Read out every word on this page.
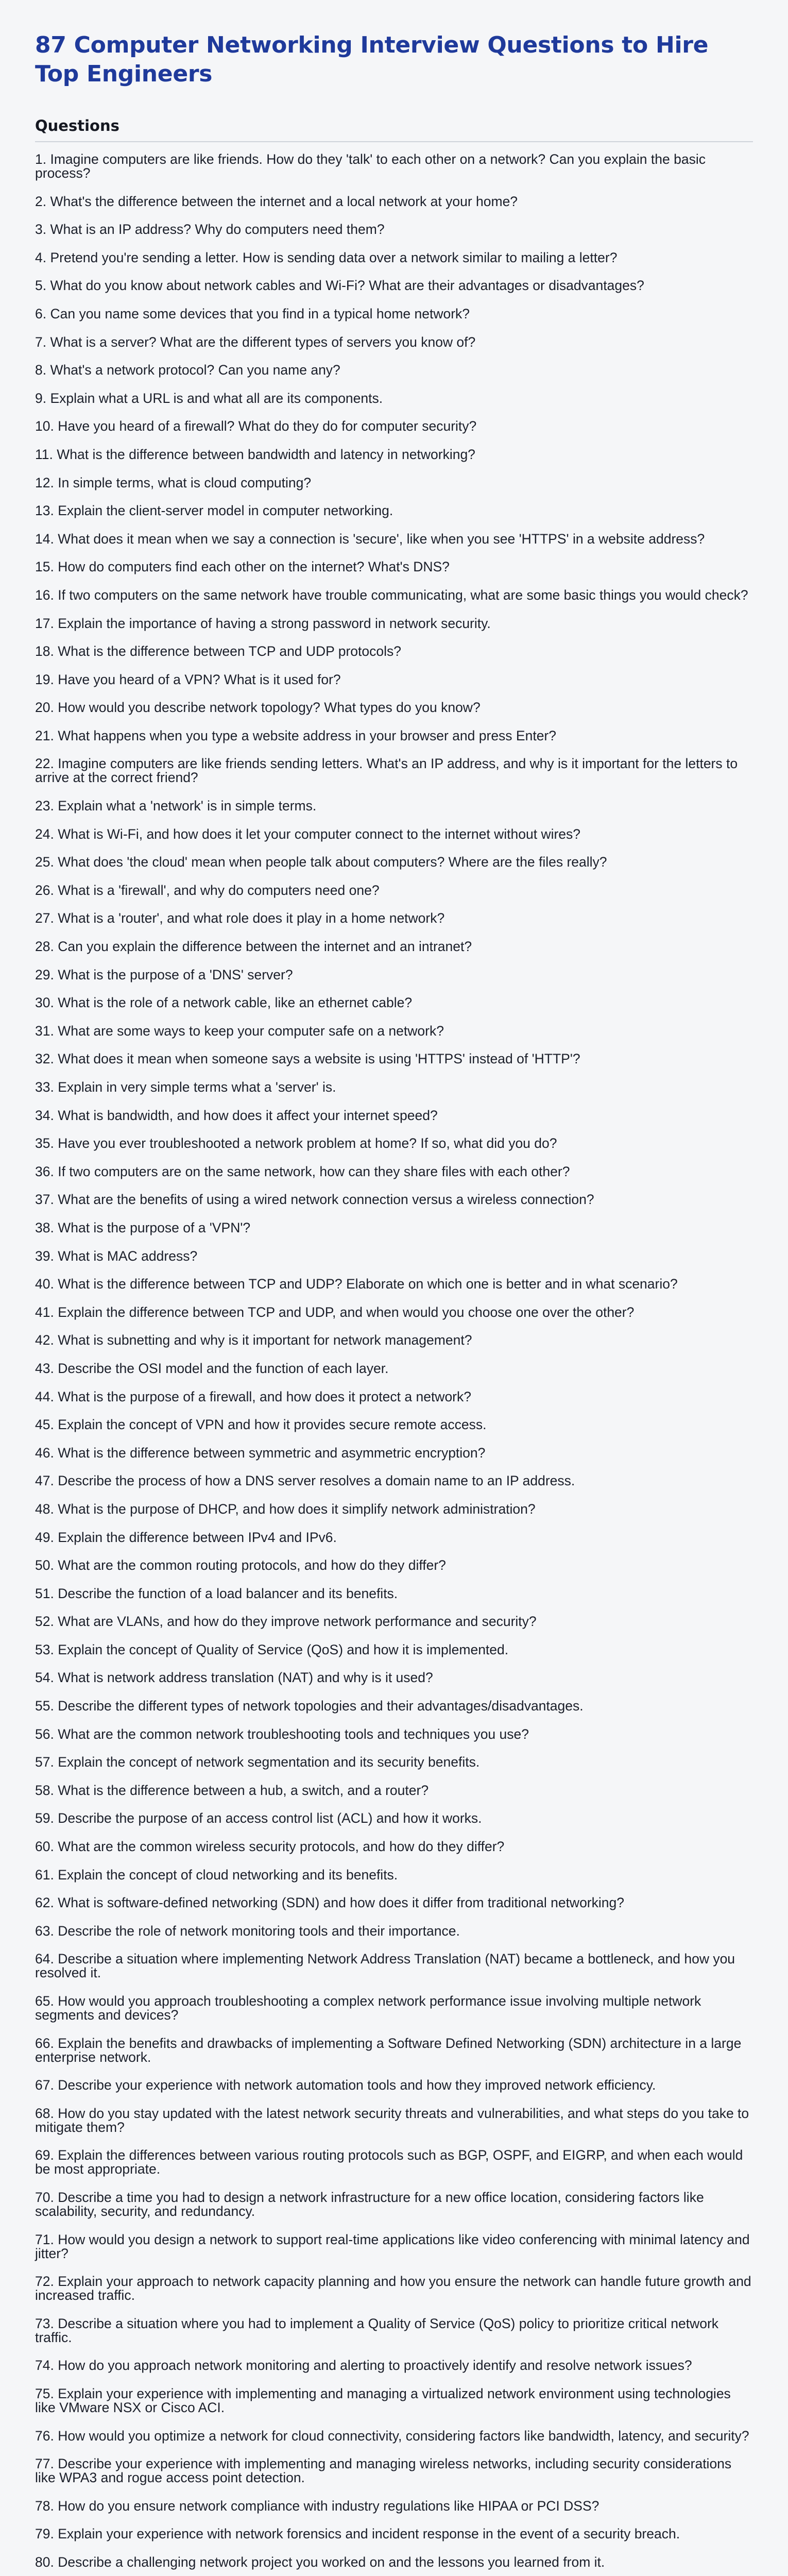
87 Computer Networking Interview Questions to Hire Top Engineers
Questions
1. Imagine computers are like friends. How do they 'talk' to each other on a network? Can you explain the basic process?
2. What's the difference between the internet and a local network at your home?
3. What is an IP address? Why do computers need them?
4. Pretend you're sending a letter. How is sending data over a network similar to mailing a letter?
5. What do you know about network cables and Wi-Fi? What are their advantages or disadvantages?
6. Can you name some devices that you find in a typical home network?
7. What is a server? What are the different types of servers you know of?
8. What's a network protocol? Can you name any?
9. Explain what a URL is and what all are its components.
10. Have you heard of a firewall? What do they do for computer security?
11. What is the difference between bandwidth and latency in networking?
12. In simple terms, what is cloud computing?
13. Explain the client-server model in computer networking.
14. What does it mean when we say a connection is 'secure', like when you see 'HTTPS' in a website address?
15. How do computers find each other on the internet? What's DNS?
16. If two computers on the same network have trouble communicating, what are some basic things you would check?
17. Explain the importance of having a strong password in network security.
18. What is the difference between TCP and UDP protocols?
19. Have you heard of a VPN? What is it used for?
20. How would you describe network topology? What types do you know?
21. What happens when you type a website address in your browser and press Enter?
22. Imagine computers are like friends sending letters. What's an IP address, and why is it important for the letters to arrive at the correct friend?
23. Explain what a 'network' is in simple terms.
24. What is Wi-Fi, and how does it let your computer connect to the internet without wires?
25. What does 'the cloud' mean when people talk about computers? Where are the files really?
26. What is a 'firewall', and why do computers need one?
27. What is a 'router', and what role does it play in a home network?
28. Can you explain the difference between the internet and an intranet?
29. What is the purpose of a 'DNS' server?
30. What is the role of a network cable, like an ethernet cable?
31. What are some ways to keep your computer safe on a network?
32. What does it mean when someone says a website is using 'HTTPS' instead of 'HTTP'?
33. Explain in very simple terms what a 'server' is.
34. What is bandwidth, and how does it affect your internet speed?
35. Have you ever troubleshooted a network problem at home? If so, what did you do?
36. If two computers are on the same network, how can they share files with each other?
37. What are the benefits of using a wired network connection versus a wireless connection?
38. What is the purpose of a 'VPN'?
39. What is MAC address?
40. What is the difference between TCP and UDP? Elaborate on which one is better and in what scenario?
41. Explain the difference between TCP and UDP, and when would you choose one over the other?
42. What is subnetting and why is it important for network management?
43. Describe the OSI model and the function of each layer.
44. What is the purpose of a firewall, and how does it protect a network?
45. Explain the concept of VPN and how it provides secure remote access.
46. What is the difference between symmetric and asymmetric encryption?
47. Describe the process of how a DNS server resolves a domain name to an IP address.
48. What is the purpose of DHCP, and how does it simplify network administration?
49. Explain the difference between IPv4 and IPv6.
50. What are the common routing protocols, and how do they differ?
51. Describe the function of a load balancer and its benefits.
52. What are VLANs, and how do they improve network performance and security?
53. Explain the concept of Quality of Service (QoS) and how it is implemented.
54. What is network address translation (NAT) and why is it used?
55. Describe the different types of network topologies and their advantages/disadvantages.
56. What are the common network troubleshooting tools and techniques you use?
57. Explain the concept of network segmentation and its security benefits.
58. What is the difference between a hub, a switch, and a router?
59. Describe the purpose of an access control list (ACL) and how it works.
60. What are the common wireless security protocols, and how do they differ?
61. Explain the concept of cloud networking and its benefits.
62. What is software-defined networking (SDN) and how does it differ from traditional networking?
63. Describe the role of network monitoring tools and their importance.
64. Describe a situation where implementing Network Address Translation (NAT) became a bottleneck, and how you resolved it.
65. How would you approach troubleshooting a complex network performance issue involving multiple network segments and devices?
66. Explain the benefits and drawbacks of implementing a Software Defined Networking (SDN) architecture in a large enterprise network.
67. Describe your experience with network automation tools and how they improved network efficiency.
68. How do you stay updated with the latest network security threats and vulnerabilities, and what steps do you take to mitigate them?
69. Explain the differences between various routing protocols such as BGP, OSPF, and EIGRP, and when each would be most appropriate.
70. Describe a time you had to design a network infrastructure for a new office location, considering factors like scalability, security, and redundancy.
71. How would you design a network to support real-time applications like video conferencing with minimal latency and jitter?
72. Explain your approach to network capacity planning and how you ensure the network can handle future growth and increased traffic.
73. Describe a situation where you had to implement a Quality of Service (QoS) policy to prioritize critical network traffic.
74. How do you approach network monitoring and alerting to proactively identify and resolve network issues?
75. Explain your experience with implementing and managing a virtualized network environment using technologies like VMware NSX or Cisco ACI.
76. How would you optimize a network for cloud connectivity, considering factors like bandwidth, latency, and security?
77. Describe your experience with implementing and managing wireless networks, including security considerations like WPA3 and rogue access point detection.
78. How do you ensure network compliance with industry regulations like HIPAA or PCI DSS?
79. Explain your experience with network forensics and incident response in the event of a security breach.
80. Describe a challenging network project you worked on and the lessons you learned from it.
